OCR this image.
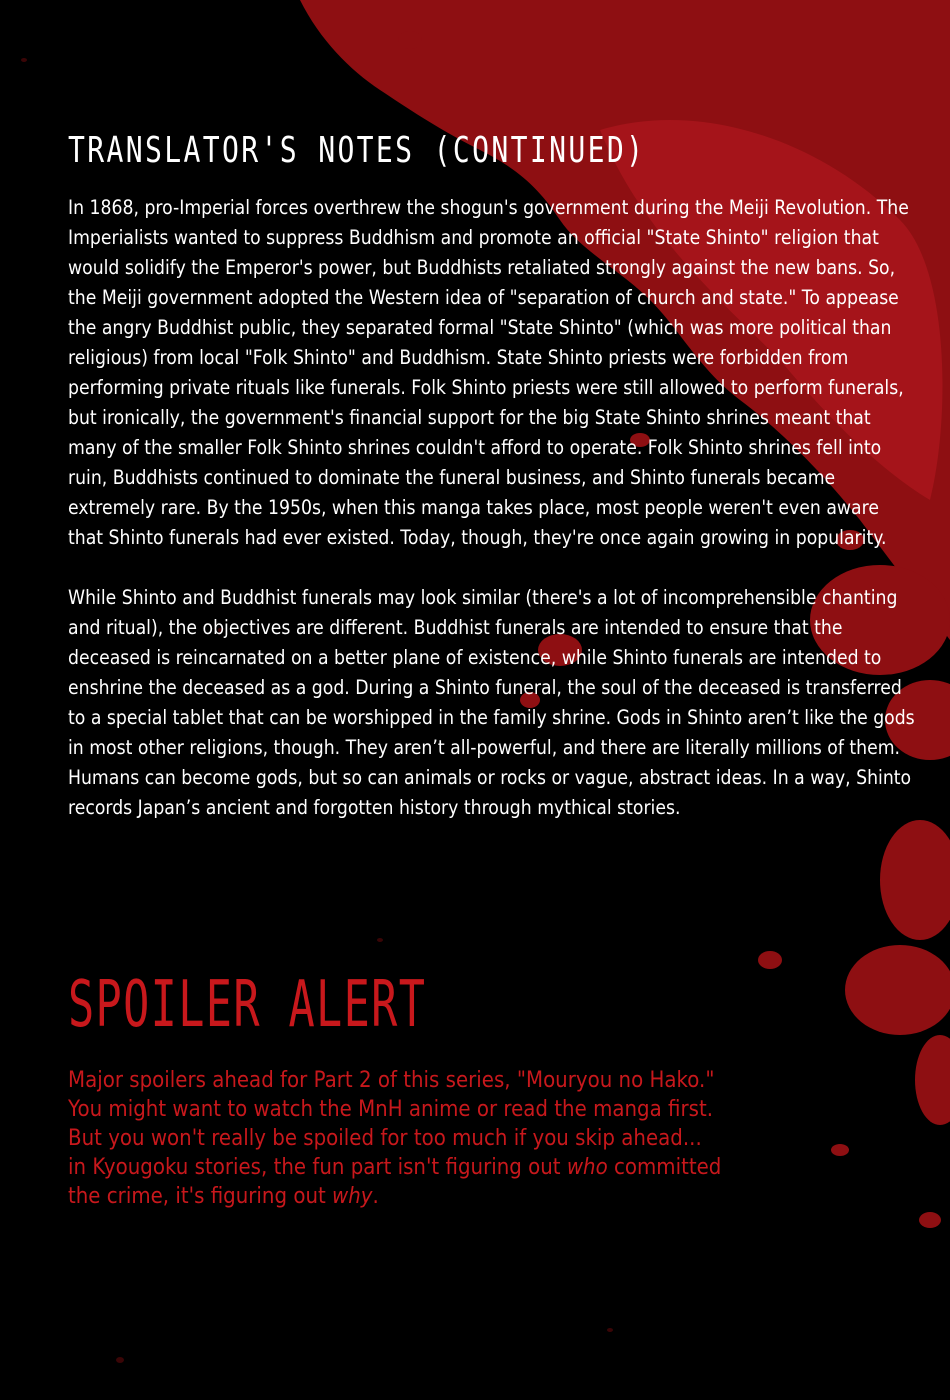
TRANSLATOR'S NOTES (CONTINUED)

In 1868, pro-Imperial forces overthrew the shogun's government during the Meiji Revolution. The Imperialists wanted to suppress Buddhism and promote an official "State Shinto" religion that would solidify the Emperor's power, but Buddhists retaliated strongly against the new bans. So, the Meiji government adopted the Western idea of "separation of church and state." To appease the angry Buddhist public, they separated formal "State Shinto" (which was more political than religious) from local "Folk Shinto" and Buddhism. State Shinto priests were forbidden from performing private rituals like funerals. Folk Shinto priests were still allowed to perform funerals, but ironically, the government's financial support for the big State Shinto shrines meant that many of the smaller Folk Shinto shrines couldn't afford to operate. Folk Shinto shrines fell into ruin, Buddhists continued to dominate the funeral business, and Shinto funerals became extremely rare. By the 1950s, when this manga takes place, most people weren't even aware that Shinto funerals had ever existed. Today, though, they're once again growing in popularity.

While Shinto and Buddhist funerals may look similar (there's a lot of incomprehensible chanting and ritual), the objectives are different. Buddhist funerals are intended to ensure that the deceased is reincarnated on a better plane of existence, while Shinto funerals are intended to enshrine the deceased as a god. During a Shinto funeral, the soul of the deceased is transferred to a special tablet that can be worshipped in the family shrine. Gods in Shinto aren’t like the gods in most other religions, though. They aren’t all-powerful, and there are literally millions of them. Humans can become gods, but so can animals or rocks or vague, abstract ideas. In a way, Shinto records Japan’s ancient and forgotten history through mythical stories.

SPOILER ALERT

Major spoilers ahead for Part 2 of this series, "Mouryou no Hako."
You might want to watch the MnH anime or read the manga first.
But you won't really be spoiled for too much if you skip ahead...
in Kyougoku stories, the fun part isn't figuring out who committed
the crime, it's figuring out why.
